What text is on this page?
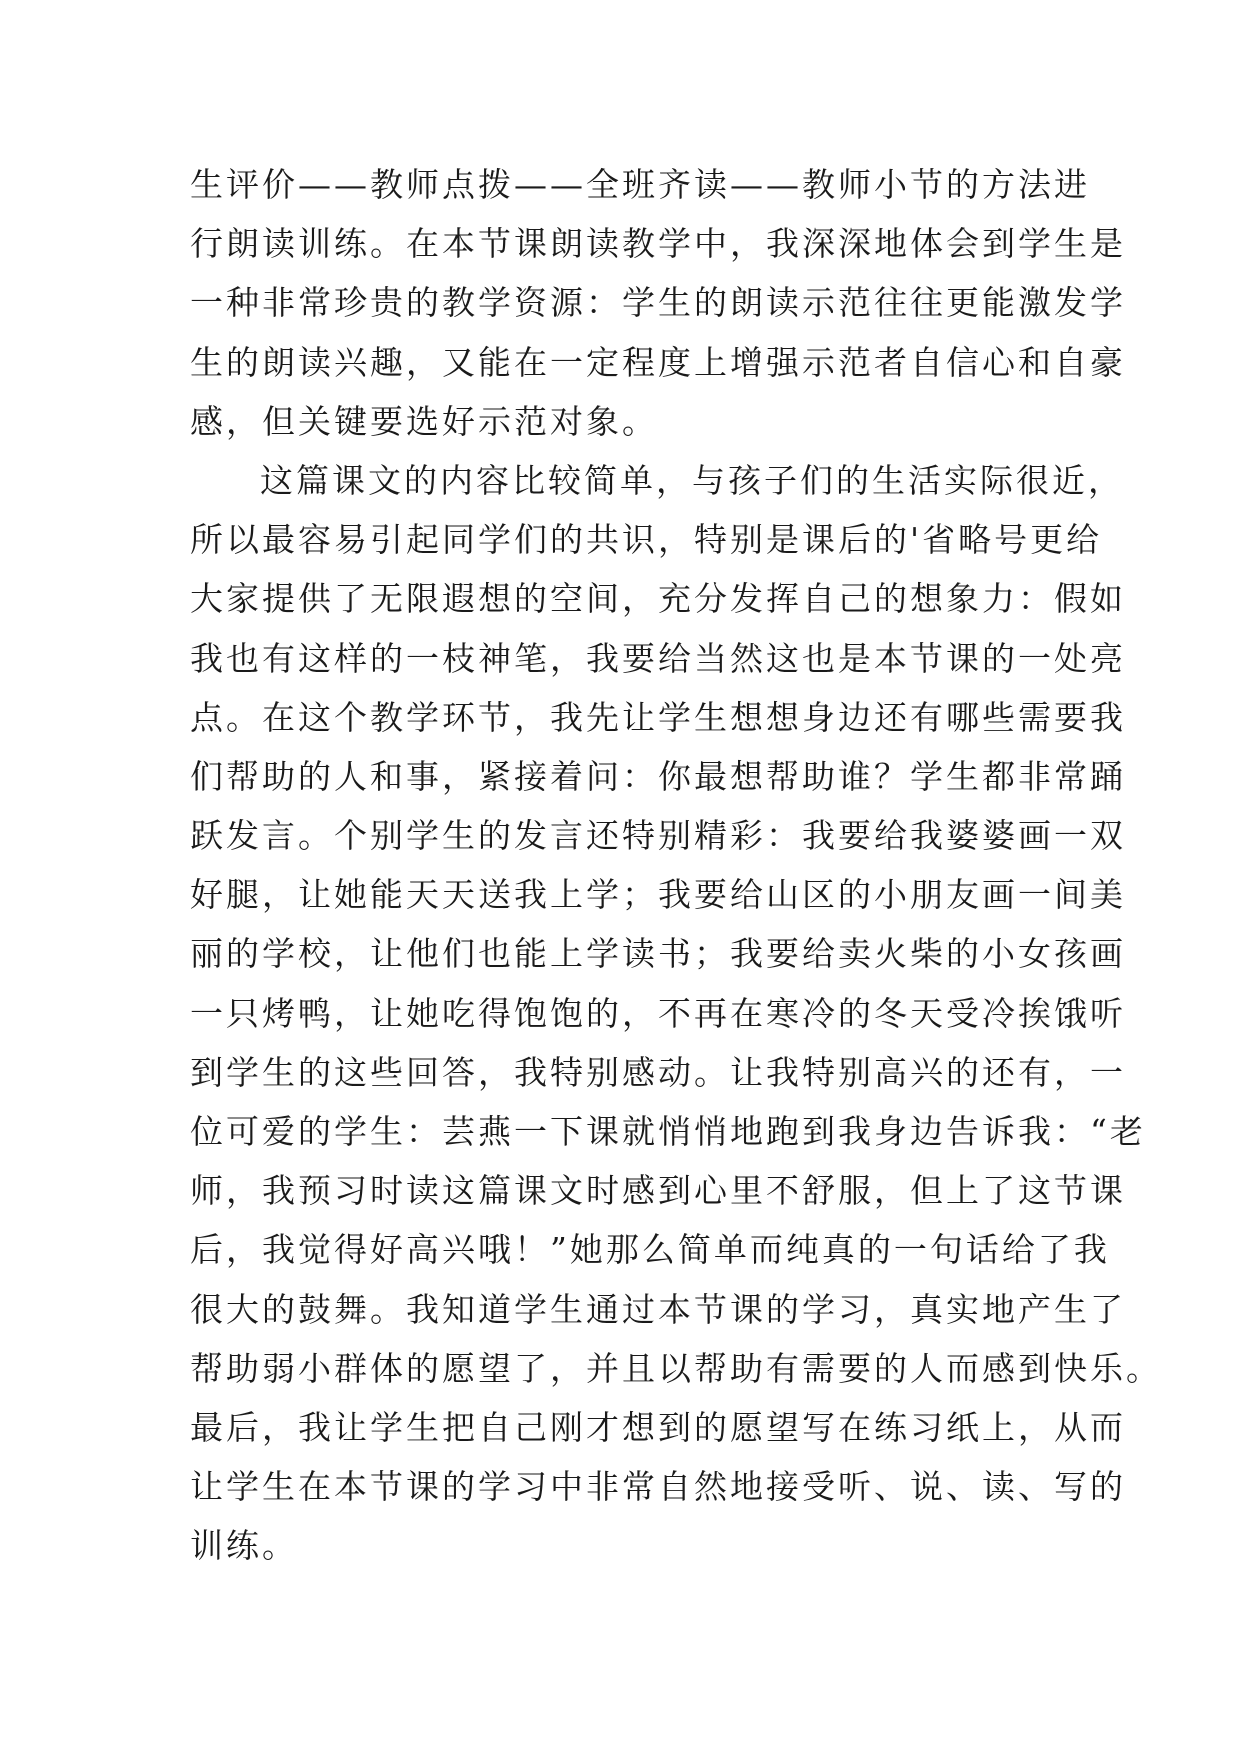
生评价——教师点拨——全班齐读——教师小节的方法进
行朗读训练。在本节课朗读教学中，我深深地体会到学生是
一种非常珍贵的教学资源：学生的朗读示范往往更能激发学
生的朗读兴趣，又能在一定程度上增强示范者自信心和自豪
感，但关键要选好示范对象。
这篇课文的内容比较简单，与孩子们的生活实际很近，
所以最容易引起同学们的共识，特别是课后的'省略号更给
大家提供了无限遐想的空间，充分发挥自己的想象力：假如
我也有这样的一枝神笔，我要给当然这也是本节课的一处亮
点。在这个教学环节，我先让学生想想身边还有哪些需要我
们帮助的人和事，紧接着问：你最想帮助谁？学生都非常踊
跃发言。个别学生的发言还特别精彩：我要给我婆婆画一双
好腿，让她能天天送我上学；我要给山区的小朋友画一间美
丽的学校，让他们也能上学读书；我要给卖火柴的小女孩画
一只烤鸭，让她吃得饱饱的，不再在寒冷的冬天受冷挨饿听
到学生的这些回答，我特别感动。让我特别高兴的还有，一
位可爱的学生：芸燕一下课就悄悄地跑到我身边告诉我：“老
师，我预习时读这篇课文时感到心里不舒服，但上了这节课
后，我觉得好高兴哦！”她那么简单而纯真的一句话给了我
很大的鼓舞。我知道学生通过本节课的学习，真实地产生了
帮助弱小群体的愿望了，并且以帮助有需要的人而感到快乐。
最后，我让学生把自己刚才想到的愿望写在练习纸上，从而
让学生在本节课的学习中非常自然地接受听、说、读、写的
训练。
